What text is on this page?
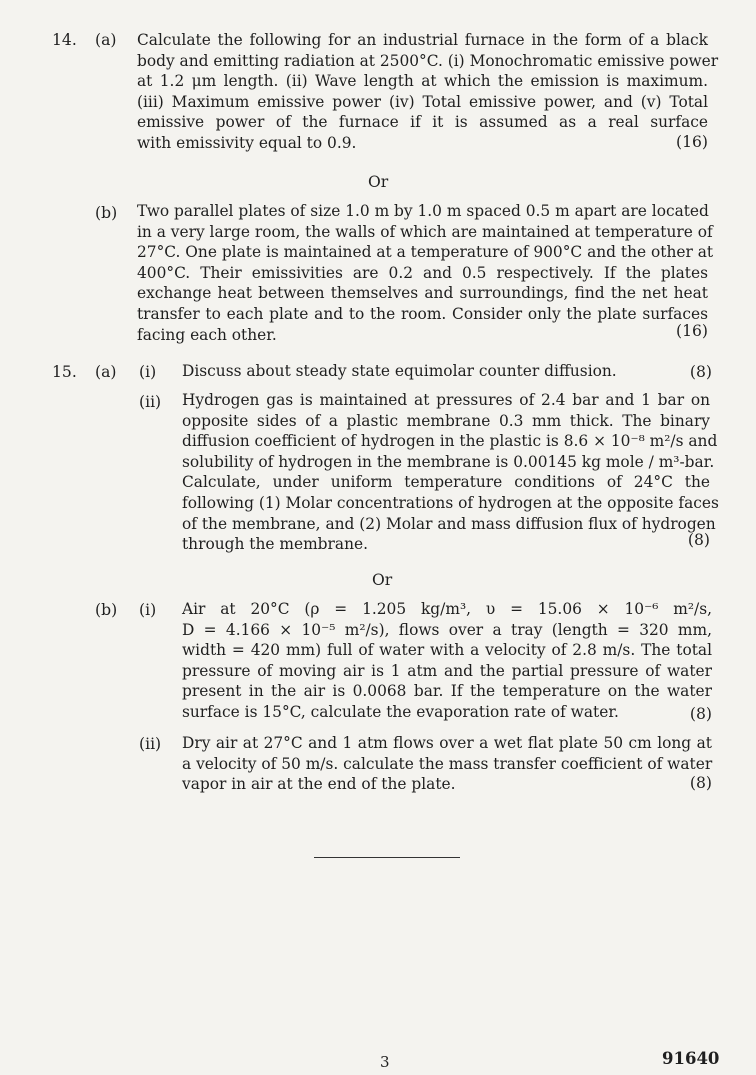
14. (a) Calculate the following for an industrial furnace in the form of a black
body and emitting radiation at 2500°C. (i) Monochromatic emissive power
at 1.2 μm length. (ii) Wave length at which the emission is maximum.
(iii) Maximum emissive power (iv) Total emissive power, and (v) Total
emissive power of the furnace if it is assumed as a real surface
with emissivity equal to 0.9.	(16)
Or
(b) Two parallel plates of size 1.0 m by 1.0 m spaced 0.5 m apart are located
in a very large room, the walls of which are maintained at temperature of
27°C. One plate is maintained at a temperature of 900°C and the other at
400°C. Their emissivities are 0.2 and 0.5 respectively. If the plates
exchange heat between themselves and surroundings, find the net heat
transfer to each plate and to the room. Consider only the plate surfaces
facing each other.	(16)
15. (a) (i) Discuss about steady state equimolar counter diffusion.	(8)
(ii) Hydrogen gas is maintained at pressures of 2.4 bar and 1 bar on
opposite sides of a plastic membrane 0.3 mm thick. The binary
diffusion coefficient of hydrogen in the plastic is 8.6 × 10⁻⁸ m²/s and
solubility of hydrogen in the membrane is 0.00145 kg mole / m³-bar.
Calculate, under uniform temperature conditions of 24°C the
following (1) Molar concentrations of hydrogen at the opposite faces
of the membrane, and (2) Molar and mass diffusion flux of hydrogen
through the membrane.	(8)
Or
(b) (i) Air at 20°C (ρ = 1.205 kg/m³, υ = 15.06 × 10⁻⁶ m²/s,
D = 4.166 × 10⁻⁵ m²/s), flows over a tray (length = 320 mm,
width = 420 mm) full of water with a velocity of 2.8 m/s. The total
pressure of moving air is 1 atm and the partial pressure of water
present in the air is 0.0068 bar. If the temperature on the water
surface is 15°C, calculate the evaporation rate of water.	(8)
(ii) Dry air at 27°C and 1 atm flows over a wet flat plate 50 cm long at
a velocity of 50 m/s. calculate the mass transfer coefficient of water
vapor in air at the end of the plate.	(8)
3	91640
